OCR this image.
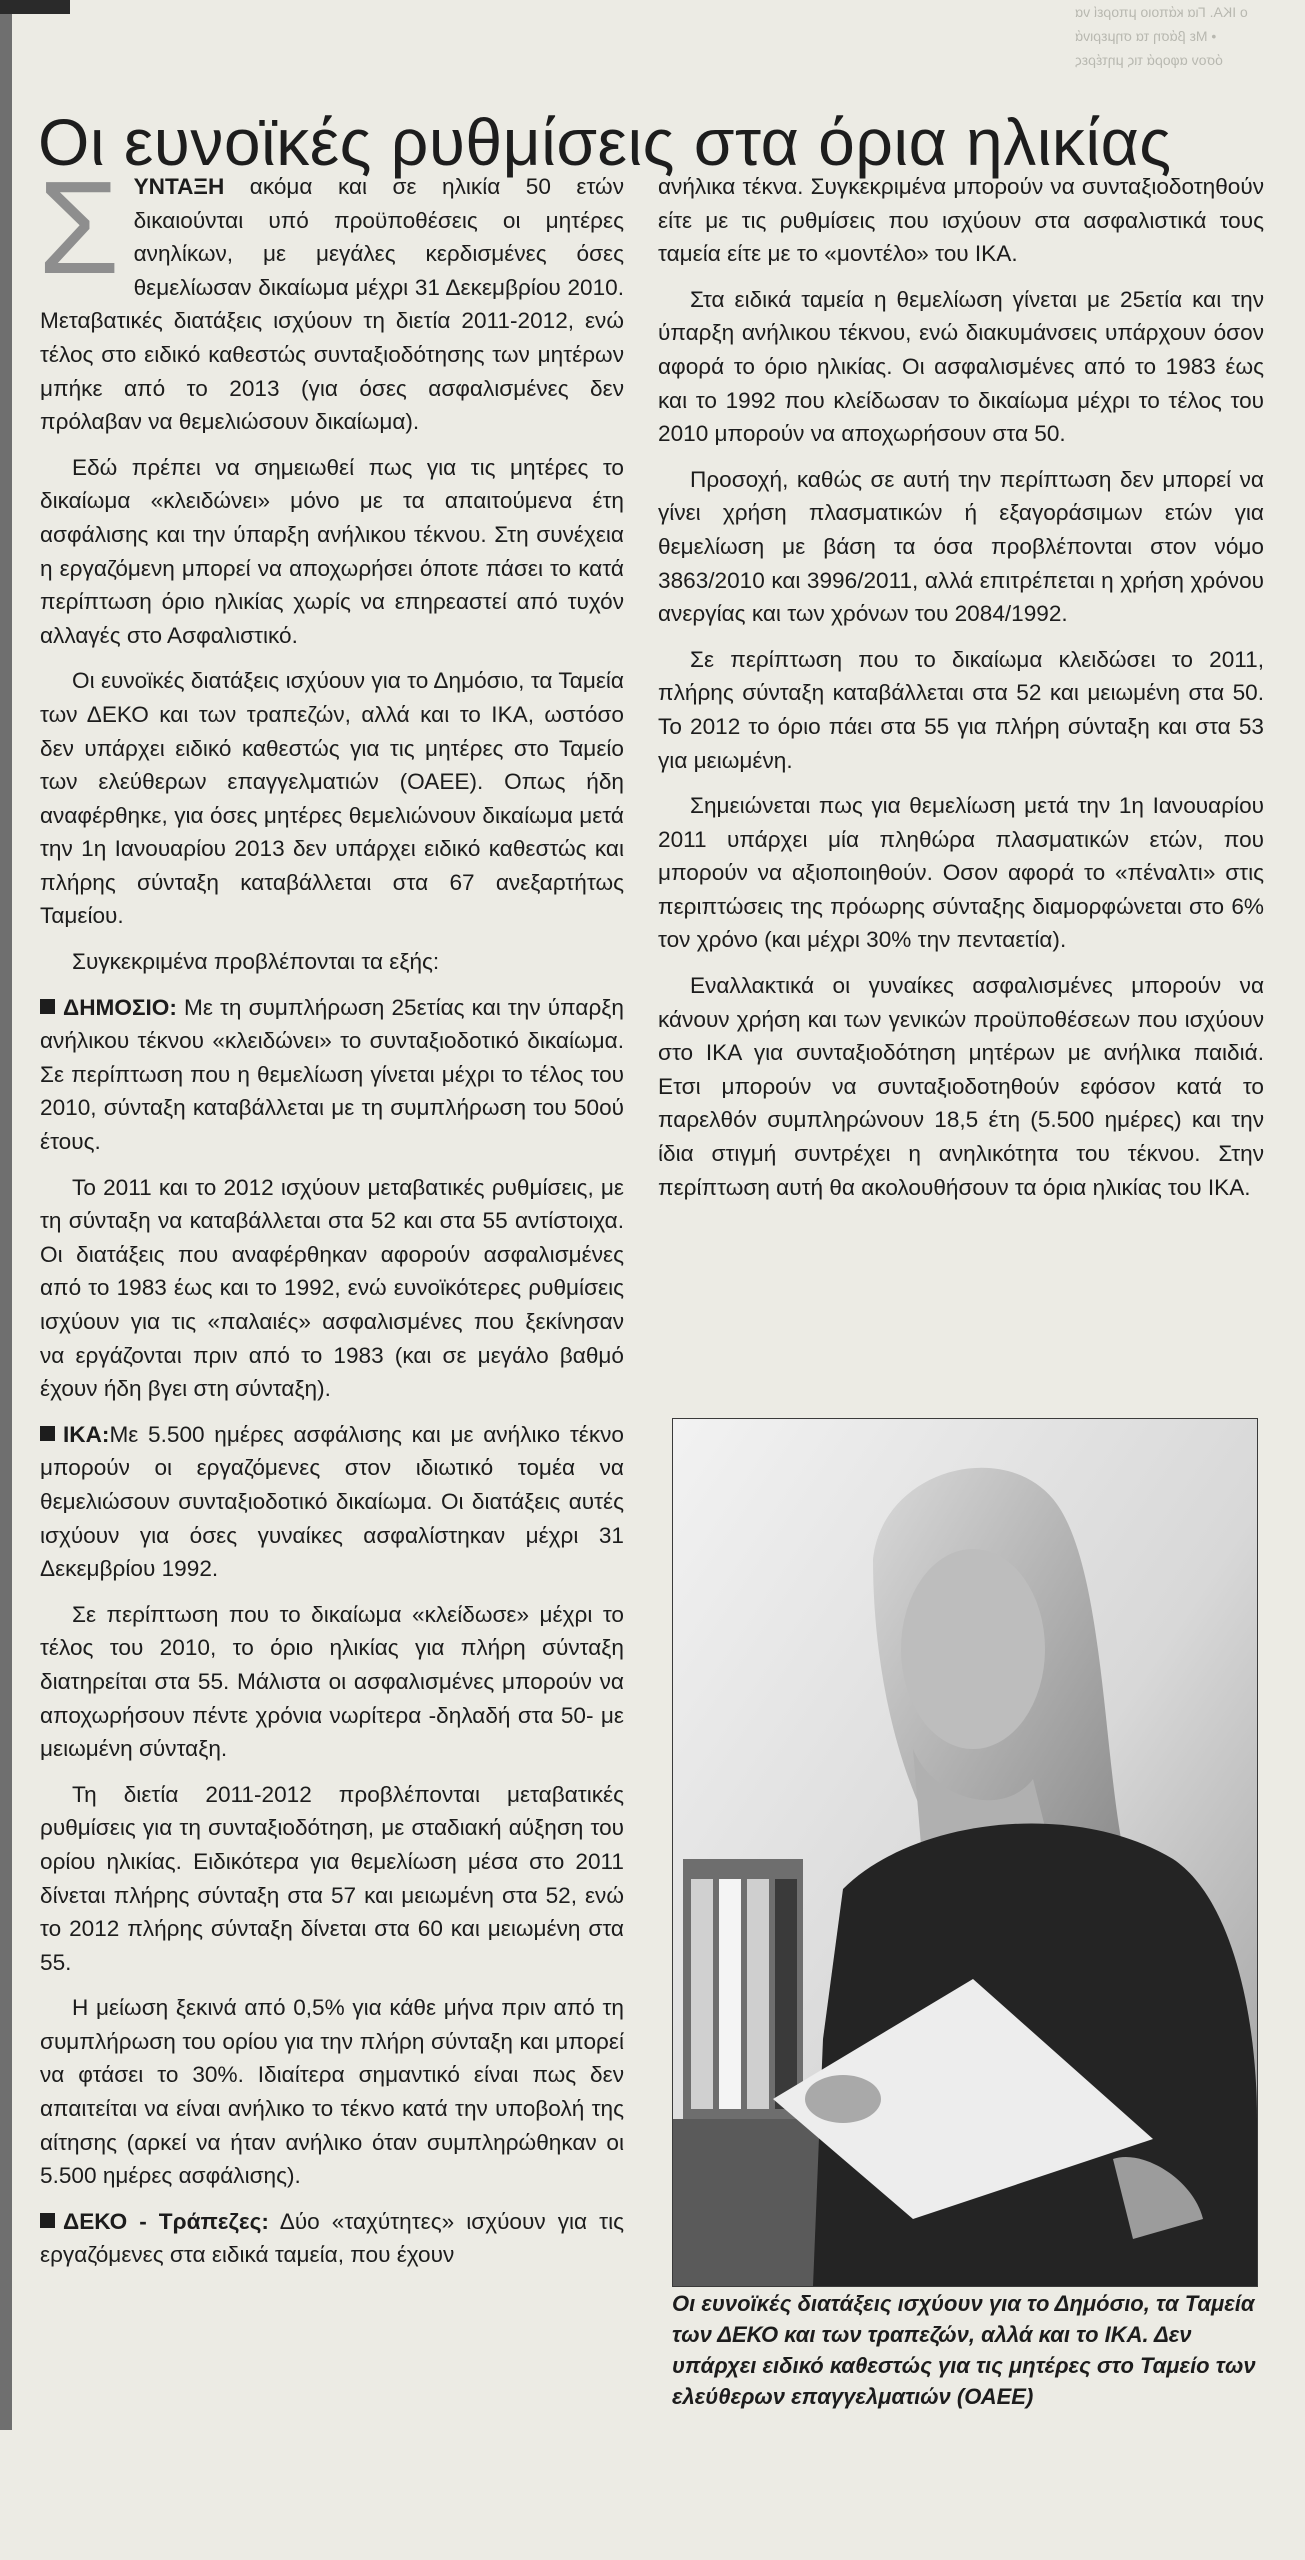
ο ΙΚΑ. Για κάποιο μπορεί να
• Με βάση τα σημερινά
όσον αφορά τις μητέρες
Οι ευνοϊκές ρυθμίσεις στα όρια ηλικίας

ΣΥΝΤΑΞΗ ακόμα και σε ηλικία 50 ετών δικαιούνται υπό προϋποθέσεις οι μητέρες ανηλίκων, με μεγάλες κερδισμένες όσες θεμελίωσαν δικαίωμα μέχρι 31 Δεκεμβρίου 2010. Μεταβατικές διατάξεις ισχύουν τη διετία 2011-2012, ενώ τέλος στο ειδικό καθεστώς συνταξιοδότησης των μητέρων μπήκε από το 2013 (για όσες ασφαλισμένες δεν πρόλαβαν να θεμελιώσουν δικαίωμα).

Εδώ πρέπει να σημειωθεί πως για τις μητέρες το δικαίωμα «κλειδώνει» μόνο με τα απαιτούμενα έτη ασφάλισης και την ύπαρξη ανήλικου τέκνου. Στη συνέχεια η εργαζόμενη μπορεί να αποχωρήσει όποτε πάσει το κατά περίπτωση όριο ηλικίας χωρίς να επηρεαστεί από τυχόν αλλαγές στο Ασφαλιστικό.

Οι ευνοϊκές διατάξεις ισχύουν για το Δημόσιο, τα Ταμεία των ΔΕΚΟ και των τραπεζών, αλλά και το ΙΚΑ, ωστόσο δεν υπάρχει ειδικό καθεστώς για τις μητέρες στο Ταμείο των ελεύθερων επαγγελματιών (ΟΑΕΕ). Οπως ήδη αναφέρθηκε, για όσες μητέρες θεμελιώνουν δικαίωμα μετά την 1η Ιανουαρίου 2013 δεν υπάρχει ειδικό καθεστώς και πλήρης σύνταξη καταβάλλεται στα 67 ανεξαρτήτως Ταμείου.

Συγκεκριμένα προβλέπονται τα εξής:

ΔΗΜΟΣΙΟ: Με τη συμπλήρωση 25ετίας και την ύπαρξη ανήλικου τέκνου «κλειδώνει» το συνταξιοδοτικό δικαίωμα. Σε περίπτωση που η θεμελίωση γίνεται μέχρι το τέλος του 2010, σύνταξη καταβάλλεται με τη συμπλήρωση του 50ού έτους.

Το 2011 και το 2012 ισχύουν μεταβατικές ρυθμίσεις, με τη σύνταξη να καταβάλλεται στα 52 και στα 55 αντίστοιχα. Οι διατάξεις που αναφέρθηκαν αφορούν ασφαλισμένες από το 1983 έως και το 1992, ενώ ευνοϊκότερες ρυθμίσεις ισχύουν για τις «παλαιές» ασφαλισμένες που ξεκίνησαν να εργάζονται πριν από το 1983 (και σε μεγάλο βαθμό έχουν ήδη βγει στη σύνταξη).

ΙΚΑ:Με 5.500 ημέρες ασφάλισης και με ανήλικο τέκνο μπορούν οι εργαζόμενες στον ιδιωτικό τομέα να θεμελιώσουν συνταξιοδοτικό δικαίωμα. Οι διατάξεις αυτές ισχύουν για όσες γυναίκες ασφαλίστηκαν μέχρι 31 Δεκεμβρίου 1992.

Σε περίπτωση που το δικαίωμα «κλείδωσε» μέχρι το τέλος του 2010, το όριο ηλικίας για πλήρη σύνταξη διατηρείται στα 55. Μάλιστα οι ασφαλισμένες μπορούν να αποχωρήσουν πέντε χρόνια νωρίτερα -δηλαδή στα 50- με μειωμένη σύνταξη.

Τη διετία 2011-2012 προβλέπονται μεταβατικές ρυθμίσεις για τη συνταξιοδότηση, με σταδιακή αύξηση του ορίου ηλικίας. Ειδικότερα για θεμελίωση μέσα στο 2011 δίνεται πλήρης σύνταξη στα 57 και μειωμένη στα 52, ενώ το 2012 πλήρης σύνταξη δίνεται στα 60 και μειωμένη στα 55.

Η μείωση ξεκινά από 0,5% για κάθε μήνα πριν από τη συμπλήρωση του ορίου για την πλήρη σύνταξη και μπορεί να φτάσει το 30%. Ιδιαίτερα σημαντικό είναι πως δεν απαιτείται να είναι ανήλικο το τέκνο κατά την υποβολή της αίτησης (αρκεί να ήταν ανήλικο όταν συμπληρώθηκαν οι 5.500 ημέρες ασφάλισης).

ΔΕΚΟ - Τράπεζες: Δύο «ταχύτητες» ισχύουν για τις εργαζόμενες στα ειδικά ταμεία, που έχουν

ανήλικα τέκνα. Συγκεκριμένα μπορούν να συνταξιοδοτηθούν είτε με τις ρυθμίσεις που ισχύουν στα ασφαλιστικά τους ταμεία είτε με το «μοντέλο» του ΙΚΑ.

Στα ειδικά ταμεία η θεμελίωση γίνεται με 25ετία και την ύπαρξη ανήλικου τέκνου, ενώ διακυμάνσεις υπάρχουν όσον αφορά το όριο ηλικίας. Οι ασφαλισμένες από το 1983 έως και το 1992 που κλείδωσαν το δικαίωμα μέχρι το τέλος του 2010 μπορούν να αποχωρήσουν στα 50.

Προσοχή, καθώς σε αυτή την περίπτωση δεν μπορεί να γίνει χρήση πλασματικών ή εξαγοράσιμων ετών για θεμελίωση με βάση τα όσα προβλέπονται στον νόμο 3863/2010 και 3996/2011, αλλά επιτρέπεται η χρήση χρόνου ανεργίας και των χρόνων του 2084/1992.

Σε περίπτωση που το δικαίωμα κλειδώσει το 2011, πλήρης σύνταξη καταβάλλεται στα 52 και μειωμένη στα 50. Το 2012 το όριο πάει στα 55 για πλήρη σύνταξη και στα 53 για μειωμένη.

Σημειώνεται πως για θεμελίωση μετά την 1η Ιανουαρίου 2011 υπάρχει μία πληθώρα πλασματικών ετών, που μπορούν να αξιοποιηθούν. Οσον αφορά το «πέναλτι» στις περιπτώσεις της πρόωρης σύνταξης διαμορφώνεται στο 6% τον χρόνο (και μέχρι 30% την πενταετία).

Εναλλακτικά οι γυναίκες ασφαλισμένες μπορούν να κάνουν χρήση και των γενικών προϋποθέσεων που ισχύουν στο ΙΚΑ για συνταξιοδότηση μητέρων με ανήλικα παιδιά. Ετσι μπορούν να συνταξιοδοτηθούν εφόσον κατά το παρελθόν συμπληρώνουν 18,5 έτη (5.500 ημέρες) και την ίδια στιγμή συντρέχει η ανηλικότητα του τέκνου. Στην περίπτωση αυτή θα ακολουθήσουν τα όρια ηλικίας του ΙΚΑ.

Οι ευνοϊκές διατάξεις ισχύουν για το Δημόσιο, τα Ταμεία των ΔΕΚΟ και των τραπεζών, αλλά και το ΙΚΑ. Δεν υπάρχει ειδικό καθεστώς για τις μητέρες στο Ταμείο των ελεύθερων επαγγελματιών (ΟΑΕΕ)
